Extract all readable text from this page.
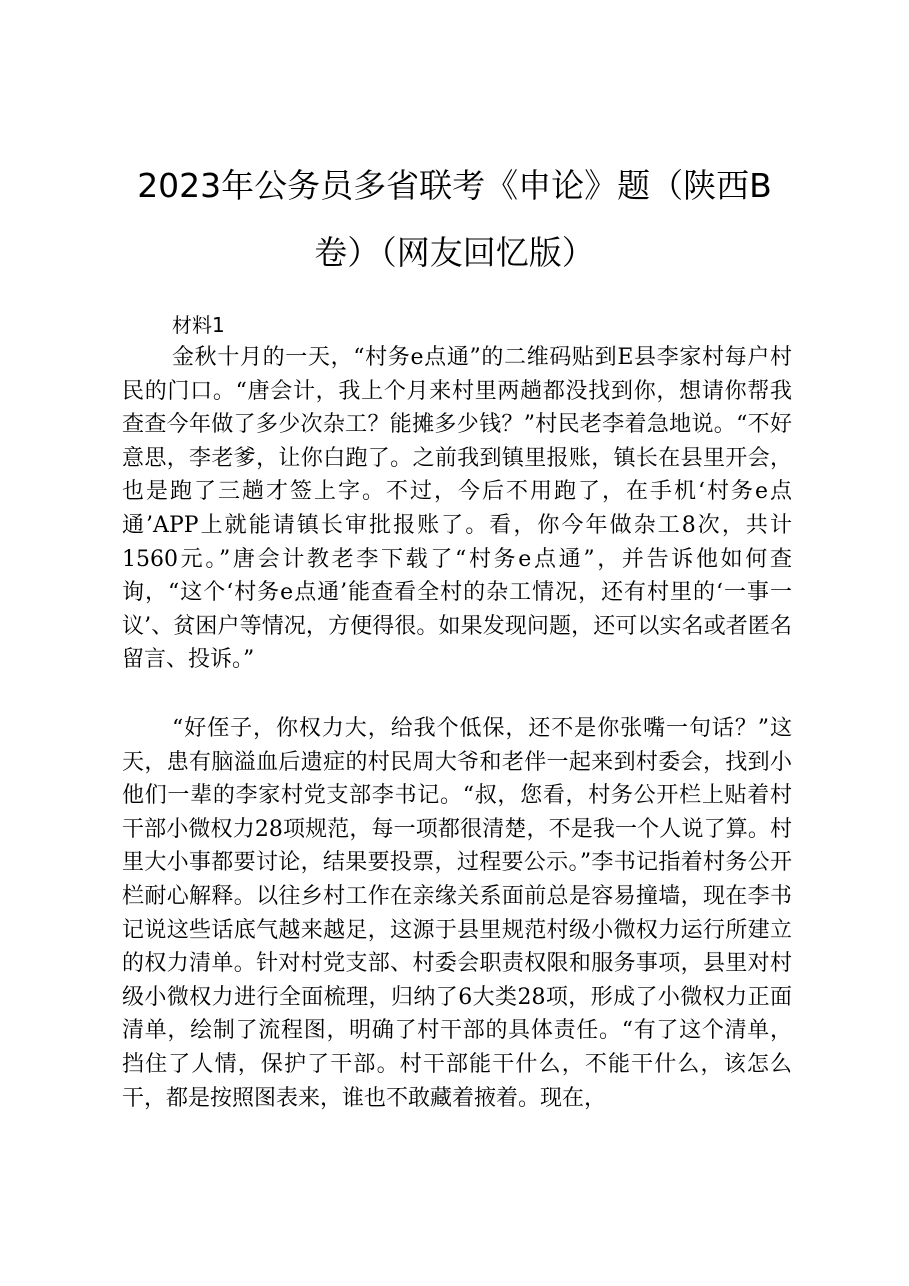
2023年公务员多省联考《申论》题（陕西B
卷）（网友回忆版）

材料1

金秋十月的一天，“村务e点通”的二维码贴到E县李家村每户村民的门口。“唐会计，我上个月来村里两趟都没找到你，想请你帮我查查今年做了多少次杂工？能摊多少钱？”村民老李着急地说。“不好意思，李老爹，让你白跑了。之前我到镇里报账，镇长在县里开会，也是跑了三趟才签上字。不过，今后不用跑了，在手机‘村务e点通’APP上就能请镇长审批报账了。看，你今年做杂工8次，共计1560元。”唐会计教老李下载了“村务e点通”，并告诉他如何查询，“这个‘村务e点通’能查看全村的杂工情况，还有村里的‘一事一议’、贫困户等情况，方便得很。如果发现问题，还可以实名或者匿名留言、投诉。”

“好侄子，你权力大，给我个低保，还不是你张嘴一句话？”这天，患有脑溢血后遗症的村民周大爷和老伴一起来到村委会，找到小他们一辈的李家村党支部李书记。“叔，您看，村务公开栏上贴着村干部小微权力28项规范，每一项都很清楚，不是我一个人说了算。村里大小事都要讨论，结果要投票，过程要公示。”李书记指着村务公开栏耐心解释。以往乡村工作在亲缘关系面前总是容易撞墙，现在李书记说这些话底气越来越足，这源于县里规范村级小微权力运行所建立的权力清单。针对村党支部、村委会职责权限和服务事项，县里对村级小微权力进行全面梳理，归纳了6大类28项，形成了小微权力正面清单，绘制了流程图，明确了村干部的具体责任。“有了这个清单，挡住了人情，保护了干部。村干部能干什么，不能干什么，该怎么干，都是按照图表来，谁也不敢藏着掖着。现在，
